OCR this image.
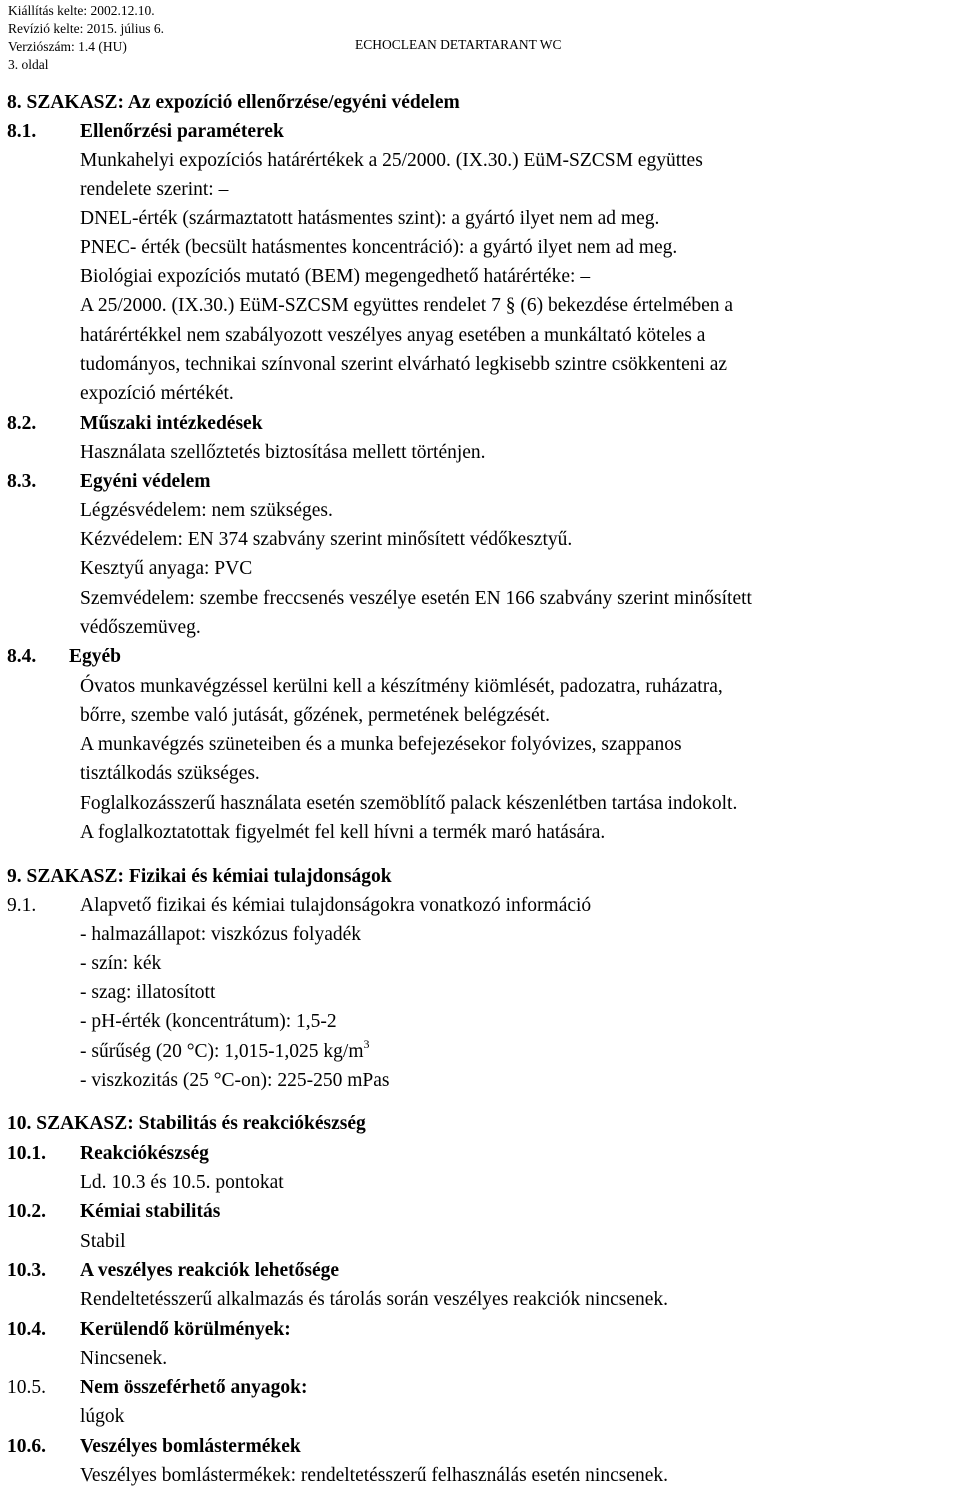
Kiállítás kelte: 2002.12.10.
Revízió kelte: 2015. július 6.
Verziószám: 1.4 (HU)	ECHOCLEAN DETARTARANT WC
3. oldal
8. SZAKASZ: Az expozíció ellenőrzése/egyéni védelem
8.1. Ellenőrzési paraméterek
Munkahelyi expozíciós határértékek a 25/2000. (IX.30.) EüM-SZCSM együttes
rendelete szerint: –
DNEL-érték (származtatott hatásmentes szint): a gyártó ilyet nem ad meg.
PNEC- érték (becsült hatásmentes koncentráció): a gyártó ilyet nem ad meg.
Biológiai expozíciós mutató (BEM) megengedhető határértéke: –
A 25/2000. (IX.30.) EüM-SZCSM együttes rendelet 7 § (6) bekezdése értelmében a
határértékkel nem szabályozott veszélyes anyag esetében a munkáltató köteles a
tudományos, technikai színvonal szerint elvárható legkisebb szintre csökkenteni az
expozíció mértékét.
8.2. Műszaki intézkedések
Használata szellőztetés biztosítása mellett történjen.
8.3. Egyéni védelem
Légzésvédelem: nem szükséges.
Kézvédelem: EN 374 szabvány szerint minősített védőkesztyű.
Kesztyű anyaga: PVC
Szemvédelem: szembe freccsenés veszélye esetén EN 166 szabvány szerint minősített
védőszemüveg.
8.4. Egyéb
Óvatos munkavégzéssel kerülni kell a készítmény kiömlését, padozatra, ruházatra,
bőrre, szembe való jutását, gőzének, permetének belégzését.
A munkavégzés szüneteiben és a munka befejezésekor folyóvizes, szappanos
tisztálkodás szükséges.
Foglalkozásszerű használata esetén szemöblítő palack készenlétben tartása indokolt.
A foglalkoztatottak figyelmét fel kell hívni a termék maró hatására.
9. SZAKASZ: Fizikai és kémiai tulajdonságok
9.1. Alapvető fizikai és kémiai tulajdonságokra vonatkozó információ
- halmazállapot: viszkózus folyadék
- szín: kék
- szag: illatosított
- pH-érték (koncentrátum): 1,5-2
- sűrűség (20 °C): 1,015-1,025 $kg/m^3$
- viszkozitás (25 °C-on): 225-250 mPas
10. SZAKASZ: Stabilitás és reakciókészség
10.1. Reakciókészség
Ld. 10.3 és 10.5. pontokat
10.2. Kémiai stabilitás
Stabil
10.3. A veszélyes reakciók lehetősége
Rendeltetésszerű alkalmazás és tárolás során veszélyes reakciók nincsenek.
10.4. Kerülendő körülmények:
Nincsenek.
10.5. Nem összeférhető anyagok:
lúgok
10.6. Veszélyes bomlástermékek
Veszélyes bomlástermékek: rendeltetésszerű felhasználás esetén nincsenek.
